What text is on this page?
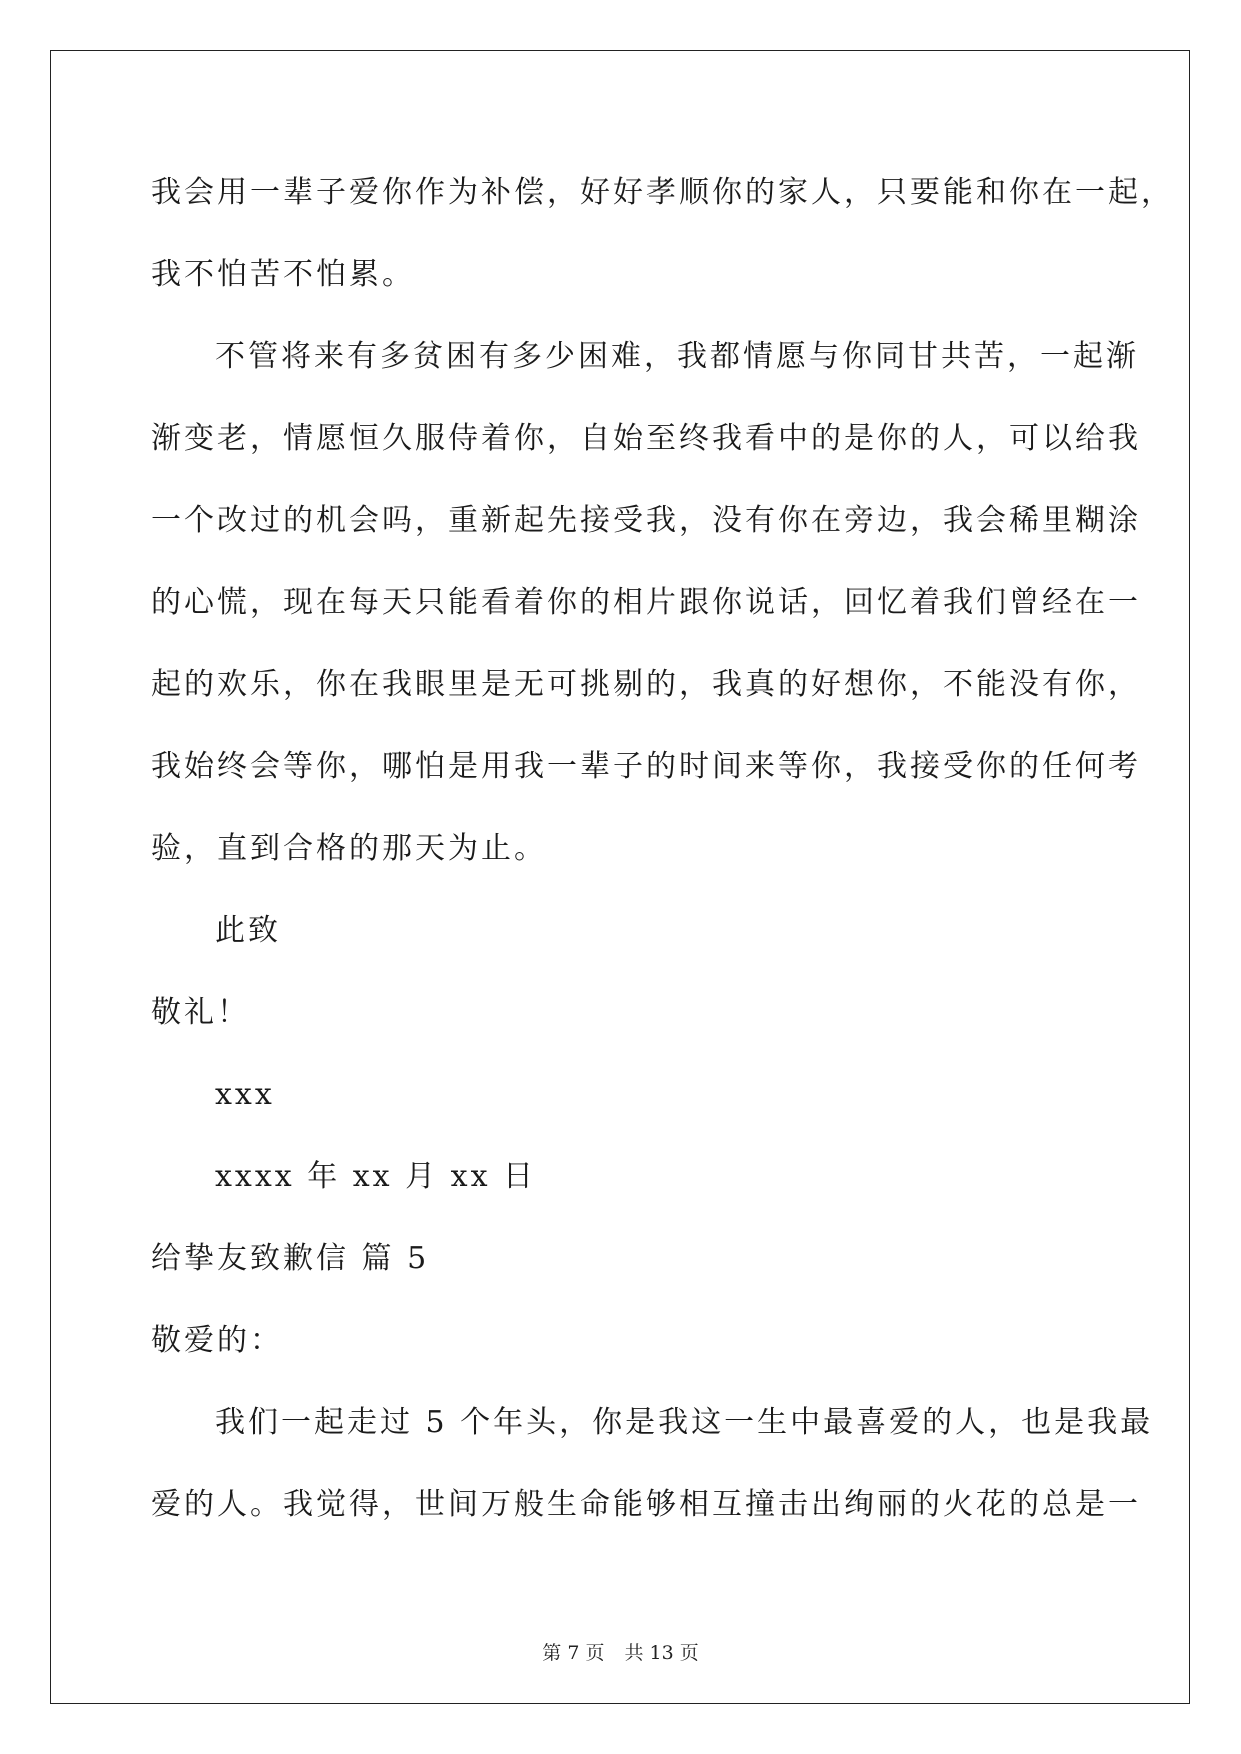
我会用一辈子爱你作为补偿，好好孝顺你的家人，只要能和你在一起，
我不怕苦不怕累。
不管将来有多贫困有多少困难，我都情愿与你同甘共苦，一起渐
渐变老，情愿恒久服侍着你，自始至终我看中的是你的人，可以给我
一个改过的机会吗，重新起先接受我，没有你在旁边，我会稀里糊涂
的心慌，现在每天只能看着你的相片跟你说话，回忆着我们曾经在一
起的欢乐，你在我眼里是无可挑剔的，我真的好想你，不能没有你，
我始终会等你，哪怕是用我一辈子的时间来等你，我接受你的任何考
验，直到合格的那天为止。
此致
敬礼！
xxx
xxxx 年 xx 月 xx 日
给挚友致歉信 篇 5
敬爱的：
我们一起走过 5 个年头，你是我这一生中最喜爱的人，也是我最
爱的人。我觉得，世间万般生命能够相互撞击出绚丽的火花的总是一
第 7 页 共 13 页
